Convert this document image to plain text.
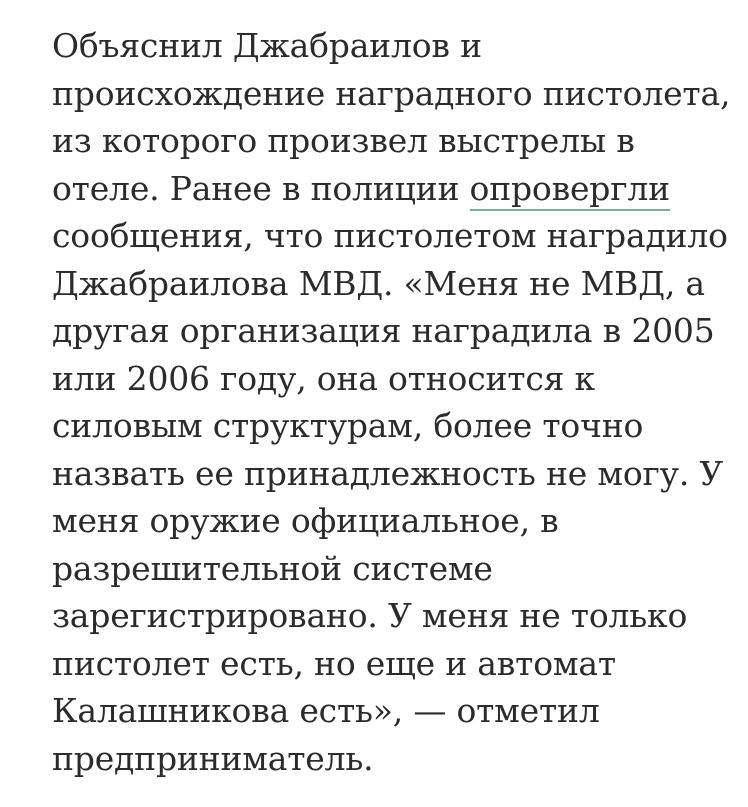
Объяснил Джабраилов и
происхождение наградного пистолета,
из которого произвел выстрелы в
отеле. Ранее в полиции опровергли
сообщения, что пистолетом наградило
Джабраилова МВД. «Меня не МВД, а
другая организация наградила в 2005
или 2006 году, она относится к
силовым структурам, более точно
назвать ее принадлежность не могу. У
меня оружие официальное, в
разрешительной системе
зарегистрировано. У меня не только
пистолет есть, но еще и автомат
Калашникова есть», — отметил
предприниматель.
